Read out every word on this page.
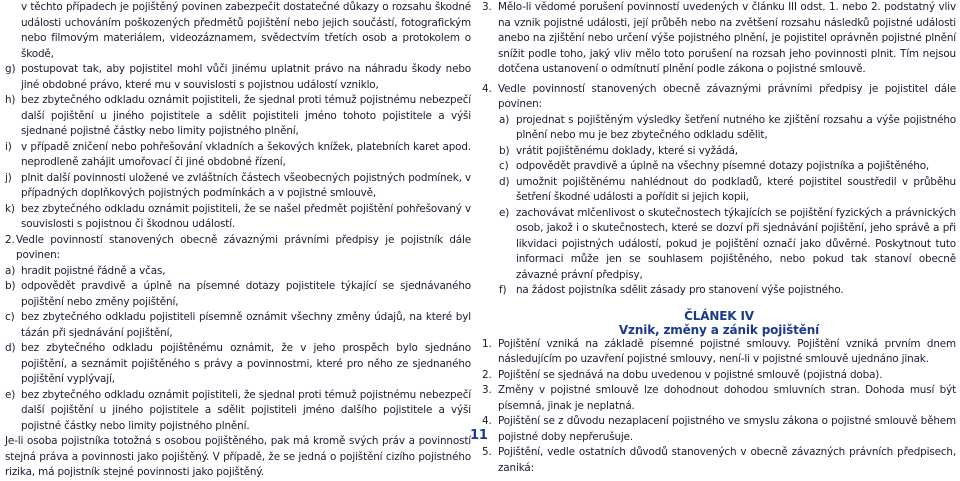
v těchto případech je pojištěný povinen zabezpečit dostatečné důkazy o rozsahu škodné události uchováním poškozených předmětů pojištění nebo jejich součástí, fotografickým nebo filmovým materiálem, videozáznamem, svědectvím třetích osob a protokolem o škodě,
g) postupovat tak, aby pojistitel mohl vůči jinému uplatnit právo na náhradu škody nebo jiné obdobné právo, které mu v souvislosti s pojistnou událostí vzniklo,
h) bez zbytečného odkladu oznámit pojistiteli, že sjednal proti témuž pojistnému nebezpečí další pojištění u jiného pojistitele a sdělit pojistiteli jméno tohoto pojistitele a výši sjednané pojistné částky nebo limity pojistného plnění,
i) v případě zničení nebo pohřešování vkladních a šekových knížek, platebních karet apod. neprodleně zahájit umořovací či jiné obdobné řízení,
j) plnit další povinnosti uložené ve zvláštních částech všeobecných pojistných podmínek, v případných doplňkových pojistných podmínkách a v pojistné smlouvě,
k) bez zbytečného odkladu oznámit pojistiteli, že se našel předmět pojištění pohřešovaný v souvislosti s pojistnou či škodnou událostí.
2. Vedle povinností stanovených obecně závaznými právními předpisy je pojistník dále povinen:
a) hradit pojistné řádně a včas,
b) odpovědět pravdivě a úplně na písemné dotazy pojistitele týkající se sjednávaného pojištění nebo změny pojištění,
c) bez zbytečného odkladu pojistiteli písemně oznámit všechny změny údajů, na které byl tázán při sjednávání pojištění,
d) bez zbytečného odkladu pojištěnému oznámit, že v jeho prospěch bylo sjednáno pojištění, a seznámit pojištěného s právy a povinnostmi, které pro něho ze sjednaného pojištění vyplývají,
e) bez zbytečného odkladu oznámit pojistiteli, že sjednal proti témuž pojistnému nebezpečí další pojištění u jiného pojistitele a sdělit pojistiteli jméno dalšího pojistitele a výši pojistné částky nebo limity pojistného plnění.
Je-li osoba pojistníka totožná s osobou pojištěného, pak má kromě svých práv a povinností stejná práva a povinnosti jako pojištěný. V případě, že se jedná o pojištění cizího pojistného rizika, má pojistník stejné povinnosti jako pojištěný.
3. Mělo-li vědomé porušení povinností uvedených v článku III odst. 1. nebo 2. podstatný vliv na vznik pojistné události, její průběh nebo na zvětšení rozsahu následků pojistné události anebo na zjištění nebo určení výše pojistného plnění, je pojistitel oprávněn pojistné plnění snížit podle toho, jaký vliv mělo toto porušení na rozsah jeho povinnosti plnit. Tím nejsou dotčena ustanovení o odmítnutí plnění podle zákona o pojistné smlouvě.
4. Vedle povinností stanovených obecně závaznými právními předpisy je pojistitel dále povinen:
a) projednat s pojištěným výsledky šetření nutného ke zjištění rozsahu a výše pojistného plnění nebo mu je bez zbytečného odkladu sdělit,
b) vrátit pojištěnému doklady, které si vyžádá,
c) odpovědět pravdivě a úplně na všechny písemné dotazy pojistníka a pojištěného,
d) umožnit pojištěnému nahlédnout do podkladů, které pojistitel soustředil v průběhu šetření škodné události a pořídit si jejich kopii,
e) zachovávat mlčenlivost o skutečnostech týkajících se pojištění fyzických a právnických osob, jakož i o skutečnostech, které se dozví při sjednávání pojištění, jeho správě a při likvidaci pojistných událostí, pokud je pojištění označí jako důvěrné. Poskytnout tuto informaci může jen se souhlasem pojištěného, nebo pokud tak stanoví obecně závazné právní předpisy,
f) na žádost pojistníka sdělit zásady pro stanovení výše pojistného.
ČLÁNEK IV
Vznik, změny a zánik pojištění
1. Pojištění vzniká na základě písemné pojistné smlouvy. Pojištění vzniká prvním dnem následujícím po uzavření pojistné smlouvy, není-li v pojistné smlouvě ujednáno jinak.
2. Pojištění se sjednává na dobu uvedenou v pojistné smlouvě (pojistná doba).
3. Změny v pojistné smlouvě lze dohodnout dohodou smluvních stran. Dohoda musí být písemná, jinak je neplatná.
4. Pojištění se z důvodu nezaplacení pojistného ve smyslu zákona o pojistné smlouvě během pojistné doby nepřerušuje.
5. Pojištění, vedle ostatních důvodů stanovených v obecně závazných právních předpisech, zaniká:
11
